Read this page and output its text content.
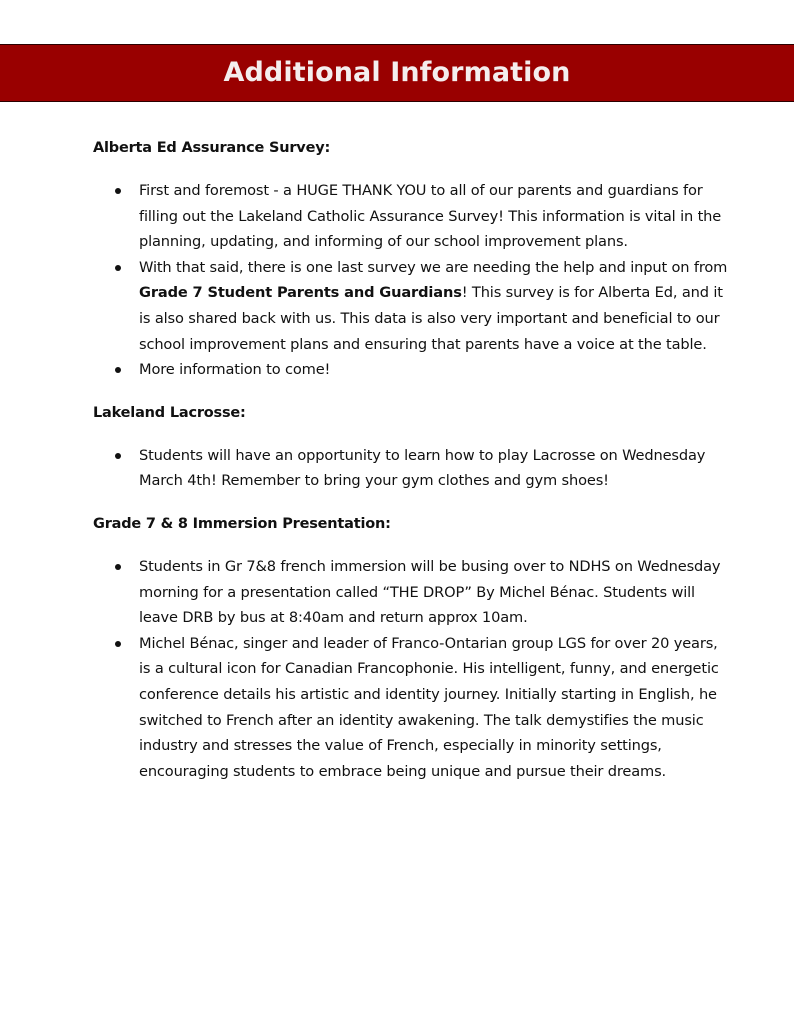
Additional Information
Alberta Ed Assurance Survey:
First and foremost - a HUGE THANK YOU to all of our parents and guardians for filling out the Lakeland Catholic Assurance Survey! This information is vital in the planning, updating, and informing of our school improvement plans.
With that said, there is one last survey we are needing the help and input on from Grade 7 Student Parents and Guardians! This survey is for Alberta Ed, and it is also shared back with us. This data is also very important and beneficial to our school improvement plans and ensuring that parents have a voice at the table.
More information to come!
Lakeland Lacrosse:
Students will have an opportunity to learn how to play Lacrosse on Wednesday March 4th! Remember to bring your gym clothes and gym shoes!
Grade 7 & 8 Immersion Presentation:
Students in Gr 7&8 french immersion will be busing over to NDHS on Wednesday morning for a presentation called “THE DROP” By Michel Bénac. Students will leave DRB by bus at 8:40am and return approx 10am.
Michel Bénac, singer and leader of Franco-Ontarian group LGS for over 20 years, is a cultural icon for Canadian Francophonie. His intelligent, funny, and energetic conference details his artistic and identity journey. Initially starting in English, he switched to French after an identity awakening. The talk demystifies the music industry and stresses the value of French, especially in minority settings, encouraging students to embrace being unique and pursue their dreams.
